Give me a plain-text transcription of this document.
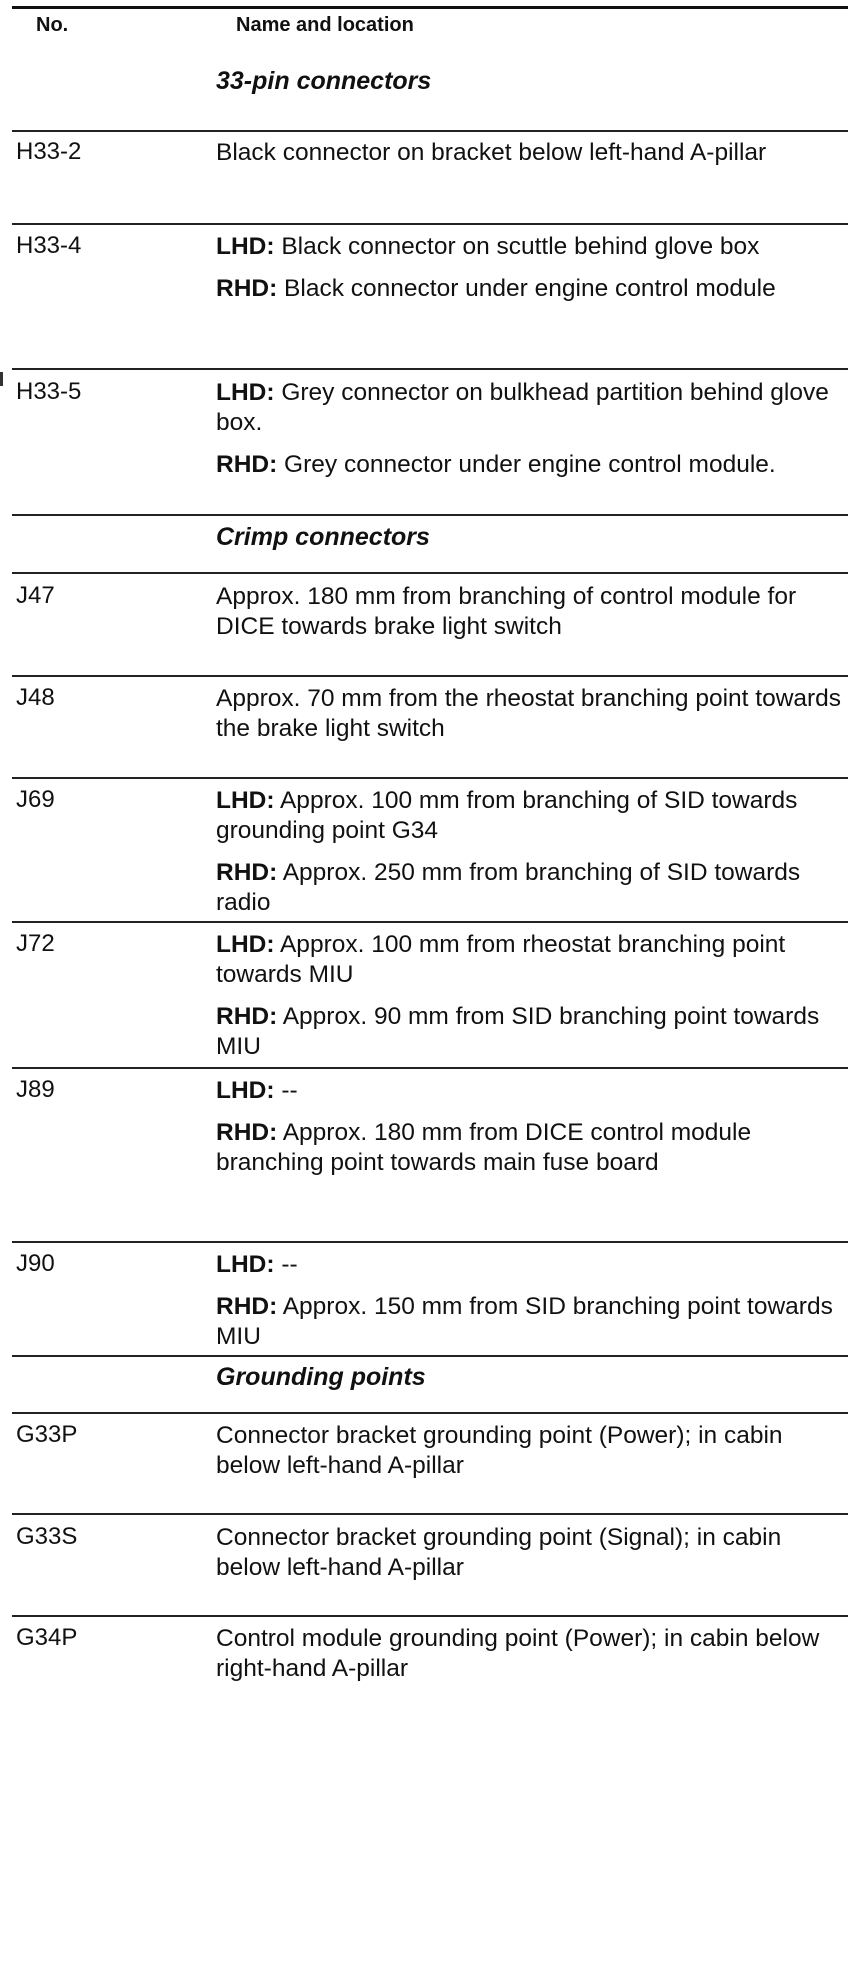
No.	Name and location
33-pin connectors
H33-2	Black connector on bracket below left-hand A-pillar

H33-4	LHD: Black connector on scuttle behind glove box

RHD: Black connector under engine control module

H33-5	LHD: Grey connector on bulkhead partition behind glove box.

RHD: Grey connector under engine control module.

Crimp connectors
J47	Approx. 180 mm from branching of control module for DICE towards brake light switch

J48	Approx. 70 mm from the rheostat branching point towards the brake light switch

J69	LHD: Approx. 100 mm from branching of SID towards grounding point G34

RHD: Approx. 250 mm from branching of SID towards radio

J72	LHD: Approx. 100 mm from rheostat branching point towards MIU

RHD: Approx. 90 mm from SID branching point towards MIU

J89	LHD: --

RHD: Approx. 180 mm from DICE control module branching point towards main fuse board

J90	LHD: --

RHD: Approx. 150 mm from SID branching point towards MIU

Grounding points
G33P	Connector bracket grounding point (Power); in cabin below left-hand A-pillar

G33S	Connector bracket grounding point (Signal); in cabin below left-hand A-pillar

G34P	Control module grounding point (Power); in cabin below right-hand A-pillar
